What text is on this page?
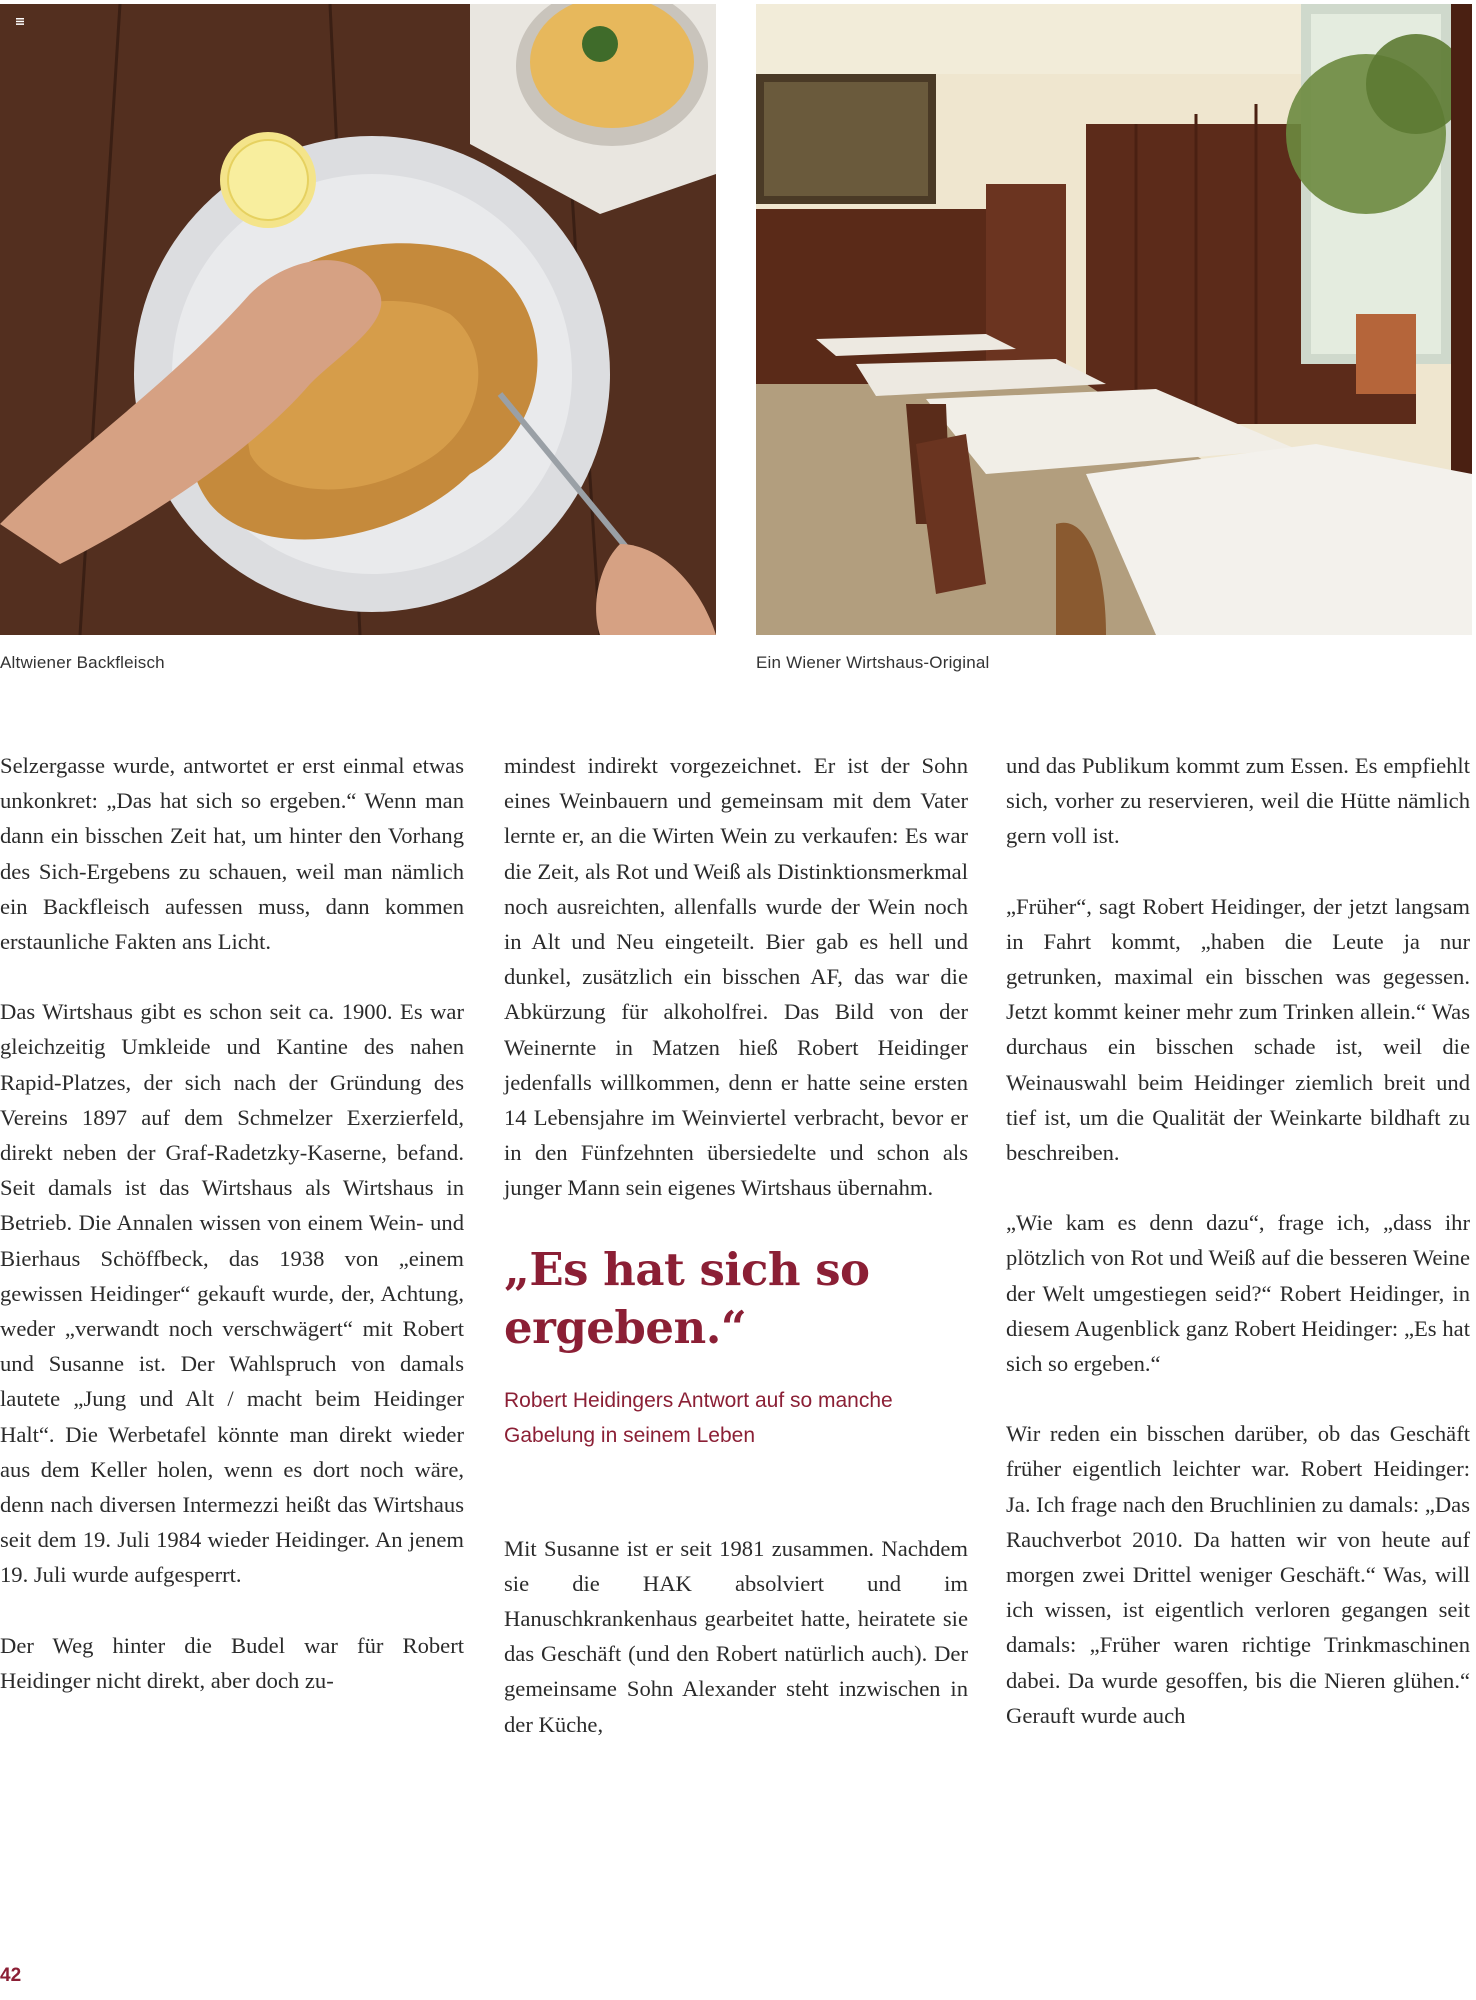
Altwiener Backfleisch	Ein Wiener Wirtshaus-Original

Selzergasse wurde, antwortet er erst einmal etwas unkonkret: „Das hat sich so ergeben.“ Wenn man dann ein bisschen Zeit hat, um hinter den Vorhang des Sich-Ergebens zu schauen, weil man nämlich ein Backfleisch aufessen muss, dann kommen erstaunliche Fakten ans Licht.

Das Wirtshaus gibt es schon seit ca. 1900. Es war gleichzeitig Umkleide und Kantine des nahen Rapid-Platzes, der sich nach der Gründung des Vereins 1897 auf dem Schmelzer Exerzierfeld, direkt neben der Graf-Radetzky-Kaserne, befand. Seit damals ist das Wirtshaus als Wirtshaus in Betrieb. Die Annalen wissen von einem Wein- und Bierhaus Schöffbeck, das 1938 von „einem gewissen Heidinger“ gekauft wurde, der, Achtung, weder „verwandt noch verschwägert“ mit Robert und Susanne ist. Der Wahlspruch von damals lautete „Jung und Alt / macht beim Heidinger Halt“. Die Werbetafel könnte man direkt wieder aus dem Keller holen, wenn es dort noch wäre, denn nach diversen Intermezzi heißt das Wirtshaus seit dem 19. Juli 1984 wieder Heidinger. An jenem 19. Juli wurde aufgesperrt.

Der Weg hinter die Budel war für Robert Heidinger nicht direkt, aber doch zu-

mindest indirekt vorgezeichnet. Er ist der Sohn eines Weinbauern und gemeinsam mit dem Vater lernte er, an die Wirten Wein zu verkaufen: Es war die Zeit, als Rot und Weiß als Distinktionsmerkmal noch ausreichten, allenfalls wurde der Wein noch in Alt und Neu eingeteilt. Bier gab es hell und dunkel, zusätzlich ein bisschen AF, das war die Abkürzung für alkoholfrei. Das Bild von der Weinernte in Matzen hieß Robert Heidinger jedenfalls willkommen, denn er hatte seine ersten 14 Lebensjahre im Weinviertel verbracht, bevor er in den Fünfzehnten übersiedelte und schon als junger Mann sein eigenes Wirtshaus übernahm.

„Es hat sich so ergeben.“
Robert Heidingers Antwort auf so manche Gabelung in seinem Leben

Mit Susanne ist er seit 1981 zusammen. Nachdem sie die HAK absolviert und im Hanuschkrankenhaus gearbeitet hatte, heiratete sie das Geschäft (und den Robert natürlich auch). Der gemeinsame Sohn Alexander steht inzwischen in der Küche,

und das Publikum kommt zum Essen. Es empfiehlt sich, vorher zu reservieren, weil die Hütte nämlich gern voll ist.

„Früher“, sagt Robert Heidinger, der jetzt langsam in Fahrt kommt, „haben die Leute ja nur getrunken, maximal ein bisschen was gegessen. Jetzt kommt keiner mehr zum Trinken allein.“ Was durchaus ein bisschen schade ist, weil die Weinauswahl beim Heidinger ziemlich breit und tief ist, um die Qualität der Weinkarte bildhaft zu beschreiben.

„Wie kam es denn dazu“, frage ich, „dass ihr plötzlich von Rot und Weiß auf die besseren Weine der Welt umgestiegen seid?“ Robert Heidinger, in diesem Augenblick ganz Robert Heidinger: „Es hat sich so ergeben.“

Wir reden ein bisschen darüber, ob das Geschäft früher eigentlich leichter war. Robert Heidinger: Ja. Ich frage nach den Bruchlinien zu damals: „Das Rauchverbot 2010. Da hatten wir von heute auf morgen zwei Drittel weniger Geschäft.“ Was, will ich wissen, ist eigentlich verloren gegangen seit damals: „Früher waren richtige Trinkmaschinen dabei. Da wurde gesoffen, bis die Nieren glühen.“ Gerauft wurde auch

42
